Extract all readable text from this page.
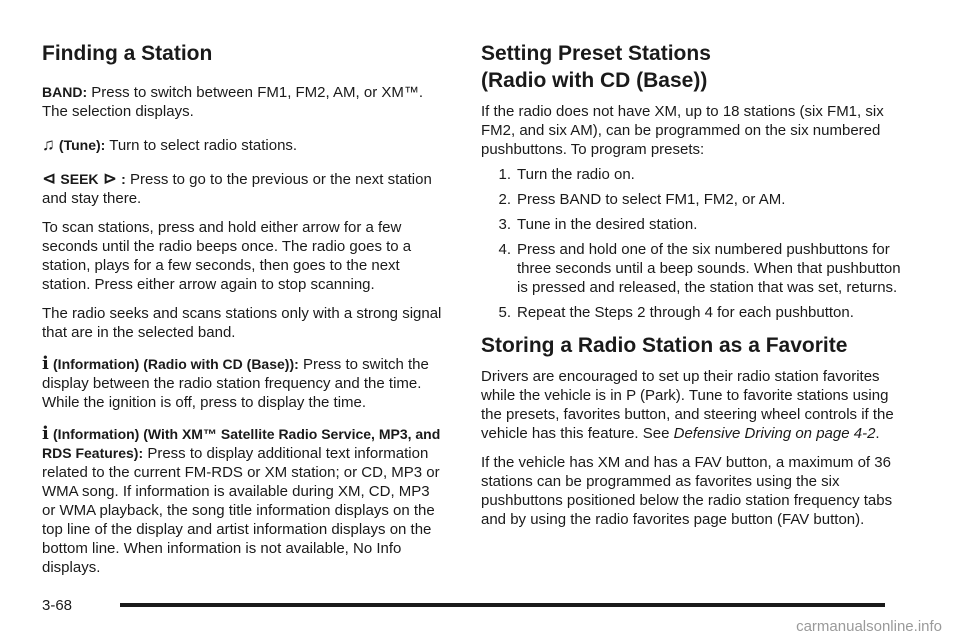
Finding a Station

BAND: Press to switch between FM1, FM2, AM, or XM™. The selection displays.

♫ (Tune): Turn to select radio stations.

⊲ SEEK ⊳ : Press to go to the previous or the next station and stay there.

To scan stations, press and hold either arrow for a few seconds until the radio beeps once. The radio goes to a station, plays for a few seconds, then goes to the next station. Press either arrow again to stop scanning.

The radio seeks and scans stations only with a strong signal that are in the selected band.

i (Information) (Radio with CD (Base)): Press to switch the display between the radio station frequency and the time. While the ignition is off, press to display the time.

i (Information) (With XM™ Satellite Radio Service, MP3, and RDS Features): Press to display additional text information related to the current FM-RDS or XM station; or CD, MP3 or WMA song. If information is available during XM, CD, MP3 or WMA playback, the song title information displays on the top line of the display and artist information displays on the bottom line. When information is not available, No Info displays.

Setting Preset Stations
(Radio with CD (Base))

If the radio does not have XM, up to 18 stations (six FM1, six FM2, and six AM), can be programmed on the six numbered pushbuttons. To program presets:

1. Turn the radio on.
2. Press BAND to select FM1, FM2, or AM.
3. Tune in the desired station.
4. Press and hold one of the six numbered pushbuttons for three seconds until a beep sounds. When that pushbutton is pressed and released, the station that was set, returns.
5. Repeat the Steps 2 through 4 for each pushbutton.
Storing a Radio Station as a Favorite

Drivers are encouraged to set up their radio station favorites while the vehicle is in P (Park). Tune to favorite stations using the presets, favorites button, and steering wheel controls if the vehicle has this feature. See Defensive Driving on page 4-2.

If the vehicle has XM and has a FAV button, a maximum of 36 stations can be programmed as favorites using the six pushbuttons positioned below the radio station frequency tabs and by using the radio favorites page button (FAV button).

3-68
carmanualsonline.info
